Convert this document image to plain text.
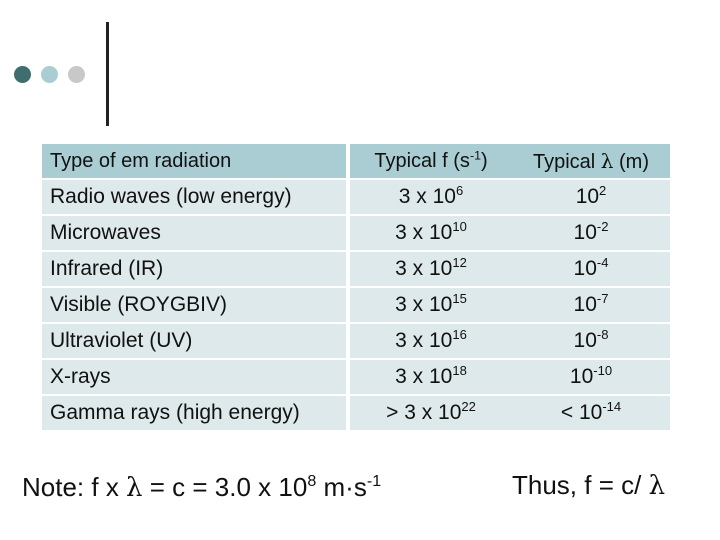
Type of em radiation	Typical f $(s^{-1})$	Typical λ (m)
Radio waves (low energy)	3 x $10^6$	$10^2$
Microwaves	3 x $10^{10}$	$10^{-2}$
Infrared (IR)	3 x $10^{12}$	$10^{-4}$
Visible (ROYGBIV)	3 x $10^{15}$	$10^{-7}$
Ultraviolet (UV)	3 x $10^{16}$	$10^{-8}$
X-rays	3 x $10^{18}$	$10^{-10}$
Gamma rays (high energy)	> 3 x $10^{22}$	< $10^{-14}$
Note: f x λ = c = 3.0 x $10^8$ $m\cdot s^{-1}$	Thus, f = c/ λ
